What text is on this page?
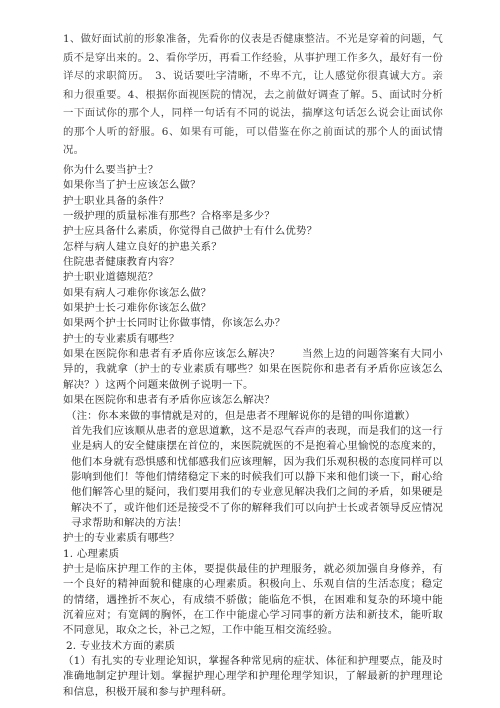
1、做好面试前的形象准备，先看你的仪表是否健康整洁。不光是穿着的问题，气质不是穿出来的。2、看你学历，再看工作经验，从事护理工作多久，最好有一份详尽的求职简历。　3、说话要吐字清晰，不卑不亢，让人感觉你很真诚大方。亲和力很重要。4、根据你面视医院的情况，去之前做好调查了解。5、面试时分析一下面试你的那个人，同样一句话有不同的说法，揣摩这句话怎么说会让面试你的那个人听的舒服。6、如果有可能，可以借鉴在你之前面试的那个人的面试情况。

你为什么要当护士？
如果你当了护士应该怎么做？
护士职业具备的条件？
一级护理的质量标准有那些？合格率是多少？
护士应具备什么素质，你觉得自己做护士有什么优势？
怎样与病人建立良好的护患关系？
住院患者健康教育内容？
护士职业道德规范？
如果有病人刁难你你该怎么做？
如果护士长刁难你你该怎么做？
如果两个护士长同时让你做事情，你该怎么办？
护士的专业素质有哪些？
如果在医院你和患者有矛盾你应该怎么解决？　　当然上边的问题答案有大同小异的，我就拿（护士的专业素质有哪些？如果在医院你和患者有矛盾你应该怎么解决？）这两个问题来做例子说明一下。
如果在医院你和患者有矛盾你应该怎么解决？
（注：你本来做的事情就是对的，但是患者不理解说你的是错的叫你道歉）
首先我们应该顺从患者的意思道歉，这不是忍气吞声的表现，而是我们的这一行业是病人的安全健康摆在首位的，来医院就医的不是抱着心里愉悦的态度来的，他们本身就有恐惧感和忧郁感我们应该理解，因为我们乐观积极的态度同样可以影响到他们！等他们情绪稳定下来的时候我们可以静下来和他们谈一下，耐心给他们解答心里的疑问，我们要用我们的专业意见解决我们之间的矛盾，如果硬是解决不了，或许他们还是接受不了你的解释我们可以向护士长或者领导反应情况寻求帮助和解决的方法！
护士的专业素质有哪些？
1. 心理素质
护士是临床护理工作的主体，要提供最佳的护理服务，就必须加强自身修养，有一个良好的精神面貌和健康的心理素质。积极向上、乐观自信的生活态度；稳定的情绪，遇挫折不灰心，有成绩不骄傲；能临危不惧，在困难和复杂的环境中能沉着应对；有宽阔的胸怀，在工作中能虚心学习同事的新方法和新技术，能听取不同意见，取众之长，补己之短，工作中能互相交流经验。
2. 专业技术方面的素质
（1）有扎实的专业理论知识，掌握各种常见病的症状、体征和护理要点，能及时准确地制定护理计划。掌握护理心理学和护理伦理学知识，了解最新的护理理论和信息，积极开展和参与护理科研。
